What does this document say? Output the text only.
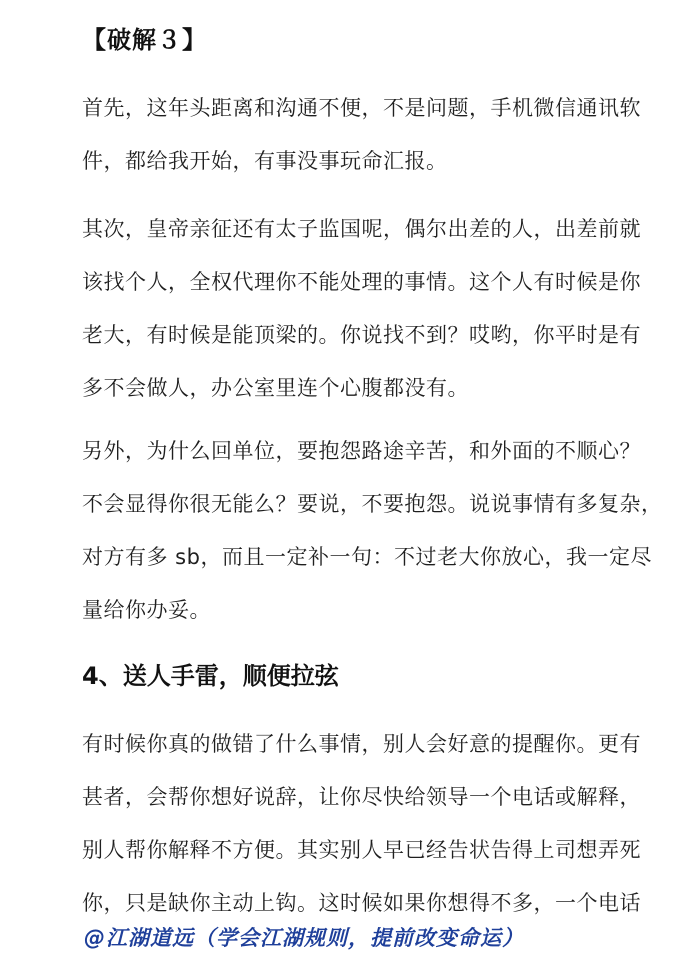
【破解３】
首先，这年头距离和沟通不便，不是问题，手机微信通讯软
件，都给我开始，有事没事玩命汇报。
其次，皇帝亲征还有太子监国呢，偶尔出差的人，出差前就
该找个人，全权代理你不能处理的事情。这个人有时候是你
老大，有时候是能顶梁的。你说找不到？哎哟，你平时是有
多不会做人，办公室里连个心腹都没有。
另外，为什么回单位，要抱怨路途辛苦，和外面的不顺心？
不会显得你很无能么？要说，不要抱怨。说说事情有多复杂，
对方有多 sb，而且一定补一句：不过老大你放心，我一定尽
量给你办妥。
4、送人手雷，顺便拉弦
有时候你真的做错了什么事情，别人会好意的提醒你。更有
甚者，会帮你想好说辞，让你尽快给领导一个电话或解释，
别人帮你解释不方便。其实别人早已经告状告得上司想弄死
你，只是缺你主动上钩。这时候如果你想得不多，一个电话
@江湖道远（学会江湖规则，提前改变命运）
